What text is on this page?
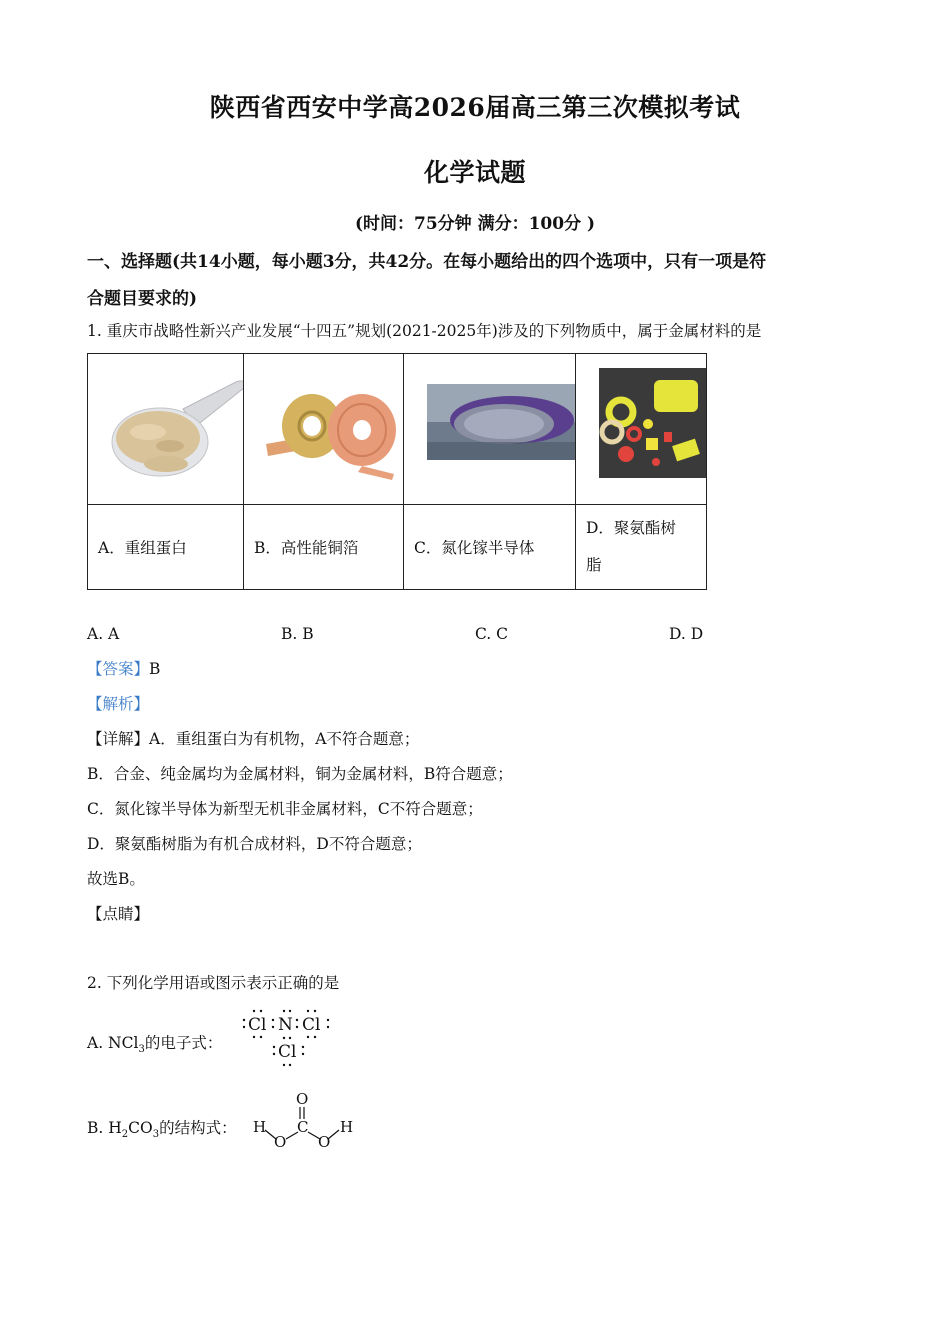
陕西省西安中学高2026届高三第三次模拟考试
化学试题
(时间：75分钟 满分：100分 )
一、选择题(共14小题，每小题3分，共42分。在每小题给出的四个选项中，只有一项是符
合题目要求的)
1. 重庆市战略性新兴产业发展“十四五”规划(2021-2025年)涉及的下列物质中，属于金属材料的是

A．重组蛋白	B．高性能铜箔	C．氮化镓半导体	D．聚氨酯树
脂
A. A	B. B	C. C	D. D
【答案】B
【解析】
【详解】A．重组蛋白为有机物，A不符合题意；
B．合金、纯金属均为金属材料，铜为金属材料，B符合题意；
C．氮化镓半导体为新型无机非金属材料，C不符合题意；
D．聚氨酯树脂为有机合成材料，D不符合题意；
故选B。
【点睛】
2. 下列化学用语或图示表示正确的是
A. NCl$_3$的电子式：
Cl N Cl
Cl
B. $H_2CO_3$的结构式：
O
C
O O
H	H
